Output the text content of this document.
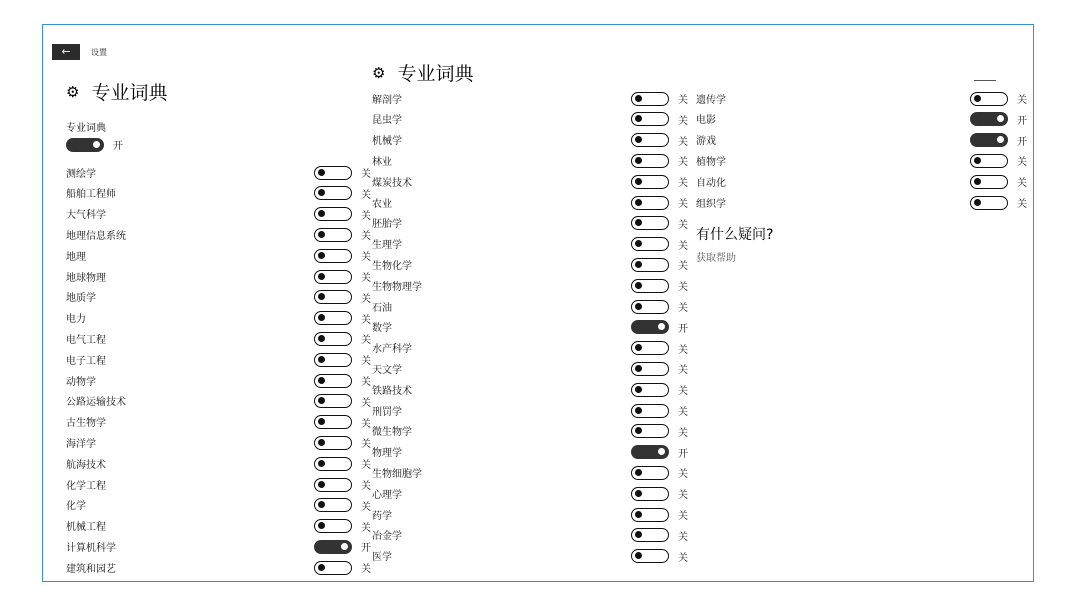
←	设置
⚙ 专业词典
⚙ 专业词典
专业词典
开
测绘学	关
船舶工程师	关
大气科学	关
地理信息系统	关
地理	关
地球物理	关
地质学	关
电力	关
电气工程	关
电子工程	关
动物学	关
公路运输技术	关
古生物学	关
海洋学	关
航海技术	关
化学工程	关
化学	关
机械工程	关
计算机科学	开
建筑和园艺	关
解剖学	关
昆虫学	关
机械学	关
林业	关
煤炭技术	关
农业	关
胚胎学	关
生理学	关
生物化学	关
生物物理学	关
石油	关
数学	开
水产科学	关
天文学	关
铁路技术	关
刑罚学	关
微生物学	关
物理学	开
生物细胞学	关
心理学	关
药学	关
冶金学	关
医学	关
遗传学	关
电影	开
游戏	开
植物学	关
自动化	关
组织学	关
有什么疑问?
获取帮助
